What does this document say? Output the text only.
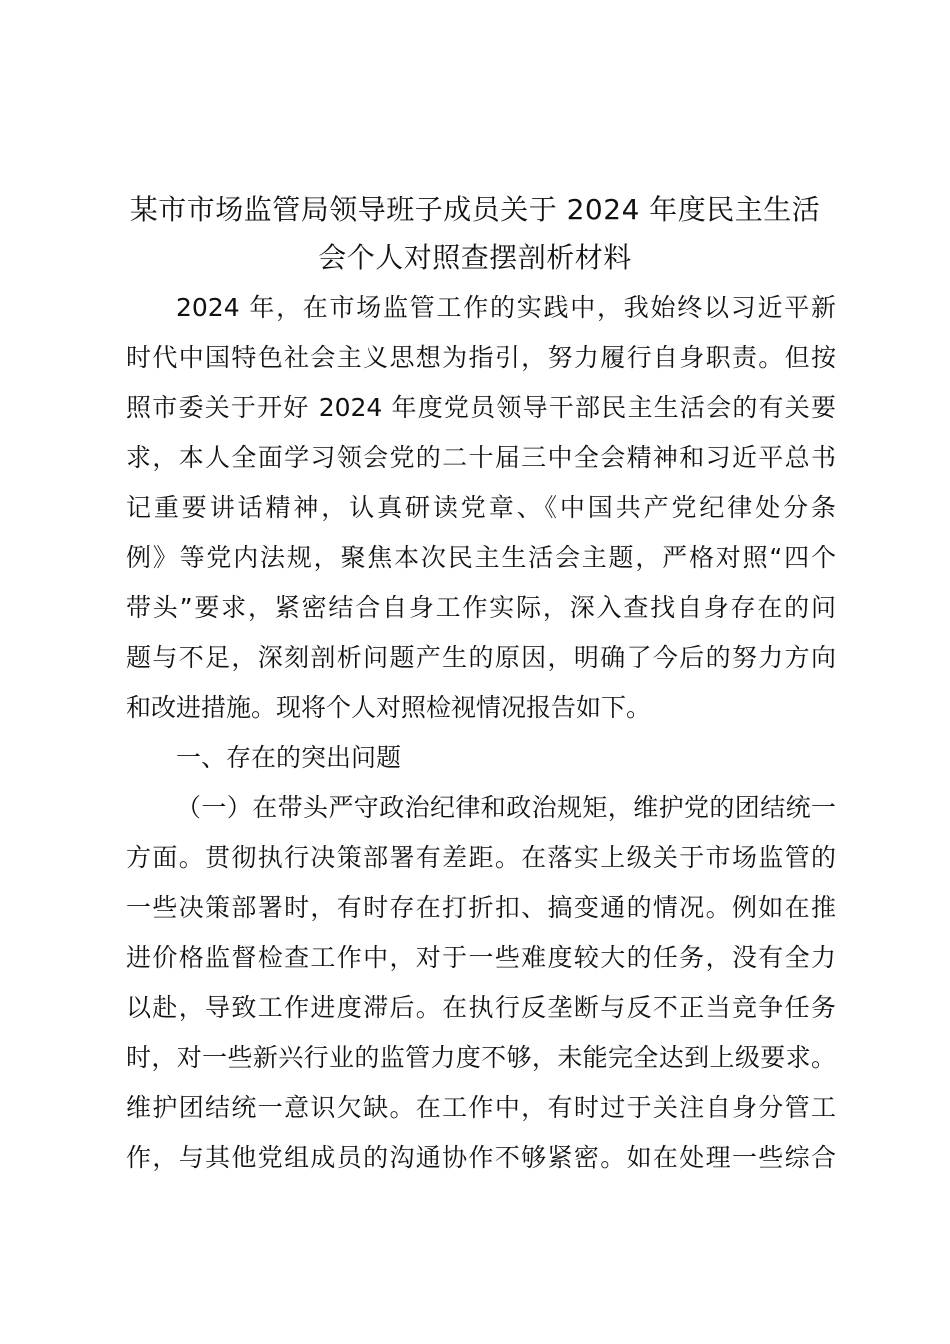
某市市场监管局领导班子成员关于 2024 年度民主生活
会个人对照查摆剖析材料
2024 年，在市场监管工作的实践中，我始终以习近平新
时代中国特色社会主义思想为指引，努力履行自身职责。但按
照市委关于开好 2024 年度党员领导干部民主生活会的有关要
求，本人全面学习领会党的二十届三中全会精神和习近平总书
记重要讲话精神，认真研读党章、《中国共产党纪律处分条
例》等党内法规，聚焦本次民主生活会主题，严格对照“四个
带头”要求，紧密结合自身工作实际，深入查找自身存在的问
题与不足，深刻剖析问题产生的原因，明确了今后的努力方向
和改进措施。现将个人对照检视情况报告如下。
一、存在的突出问题
（一）在带头严守政治纪律和政治规矩，维护党的团结统一
方面。贯彻执行决策部署有差距。在落实上级关于市场监管的
一些决策部署时，有时存在打折扣、搞变通的情况。例如在推
进价格监督检查工作中，对于一些难度较大的任务，没有全力
以赴，导致工作进度滞后。在执行反垄断与反不正当竞争任务
时，对一些新兴行业的监管力度不够，未能完全达到上级要求。
维护团结统一意识欠缺。在工作中，有时过于关注自身分管工
作，与其他党组成员的沟通协作不够紧密。如在处理一些综合
